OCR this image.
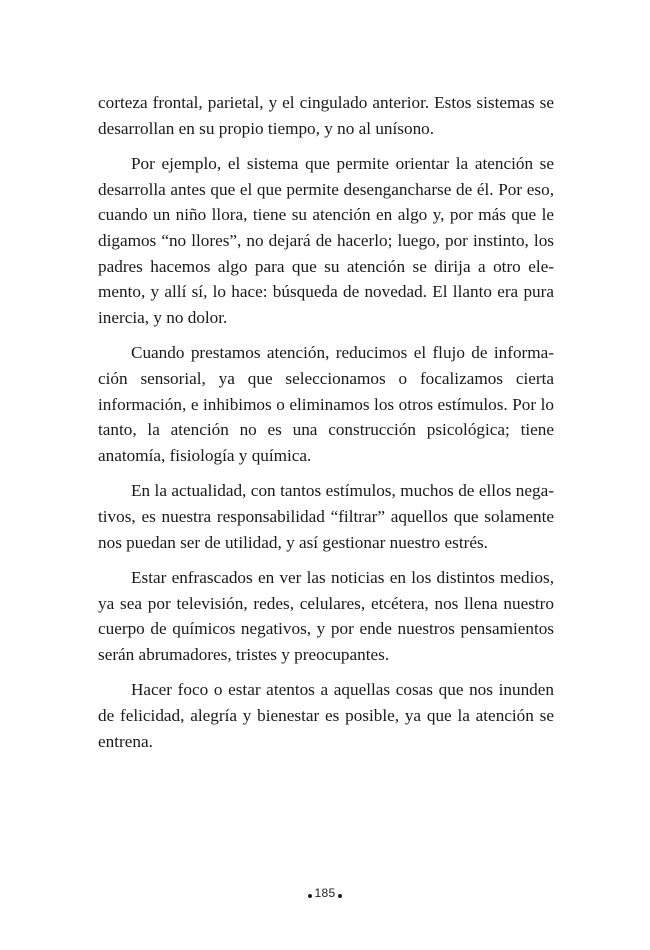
corteza frontal, parietal, y el cingulado anterior. Estos sistemas se desarrollan en su propio tiempo, y no al unísono.

Por ejemplo, el sistema que permite orientar la atención se desarrolla antes que el que permite desengancharse de él. Por eso, cuando un niño llora, tiene su atención en algo y, por más que le digamos “no llores”, no dejará de hacerlo; luego, por instinto, los padres hacemos algo para que su atención se dirija a otro elemento, y allí sí, lo hace: búsqueda de novedad. El llanto era pura inercia, y no dolor.

Cuando prestamos atención, reducimos el flujo de información sensorial, ya que seleccionamos o focalizamos cierta información, e inhibimos o eliminamos los otros estímulos. Por lo tanto, la atención no es una construcción psicológica; tiene anatomía, fisiología y química.

En la actualidad, con tantos estímulos, muchos de ellos negativos, es nuestra responsabilidad “filtrar” aquellos que solamente nos puedan ser de utilidad, y así gestionar nuestro estrés.

Estar enfrascados en ver las noticias en los distintos medios, ya sea por televisión, redes, celulares, etcétera, nos llena nuestro cuerpo de químicos negativos, y por ende nuestros pensamientos serán abrumadores, tristes y preocupantes.

Hacer foco o estar atentos a aquellas cosas que nos inunden de felicidad, alegría y bienestar es posible, ya que la atención se entrena.

185
